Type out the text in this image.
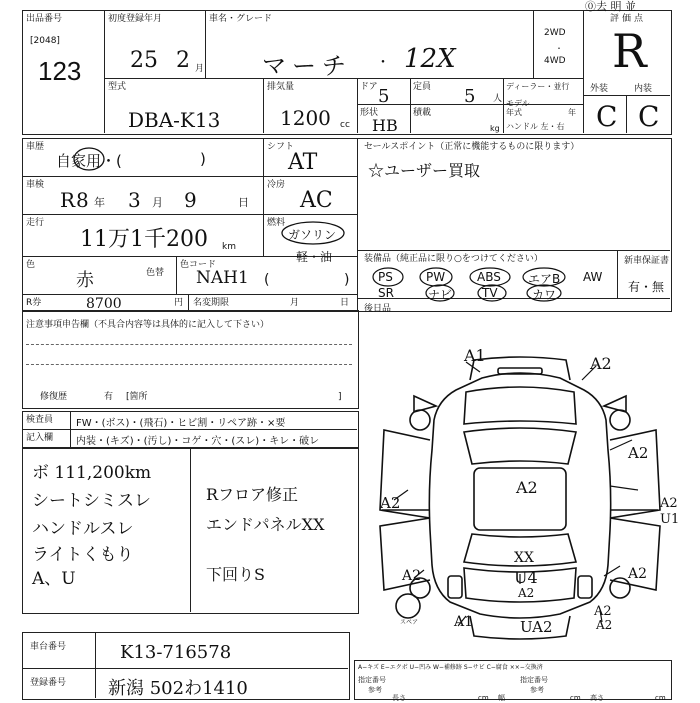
⓪去 明 並
出品番号
[2048]
123
初度登録年月
25 2 月
車名・グレード
マーチ ・ 12X
2WD
・
4WD
評価点
R
型式
DBA-K13
排気量
1200 cc
ドア 5	定員 5 人
ディーラー・並行
モデル年式	年
ハンドル 左・右
形状
HB
積載
kg
外装	内装
C C
車歴
自家用・(	)
シフト
AT
セールスポイント（正常に機能するものに限ります）
☆ユーザー買取
車検
R 8 年 3 月 9	日
冷房
AC
走行
11万1千200 km
燃料
ガソリン
軽・油
色
赤	色替
色コード
NAH1 (	)
装備品（純正品に限り○をつけてください）	新車保証書
有・無
PS	PW	ABS エアB AW
SR	ナビ TV	カワ
R券	8700	円 名変期限	月	日
後日品
注意事項申告欄（不具合内容等は具体的に記入して下さい）
修復歴	有 [箇所	]
検査員
記入欄
FW・(ボス)・(飛石)・ヒビ割・リペア跡・×要
内装・(キズ)・(汚し)・コゲ・穴・(スレ)・キレ・破レ
ボ 111,200km
シートシミスレ
ハンドルスレ
ライトくもり
A、U
Rフロア修正
エンドパネルXX
下回りS
A1	A2
A2
A2
A2
U1
A2
A2
XX
U4
A2
A2
A2
A1	UA2	A2
スペア
車台番号	K13-716578
登録番号 新潟 502わ1410
A−キズ E−エクボ U−凹み W−補修跡 S−サビ C−腐食 ××−交換済
指定番号
参考
指定番号
参考
長さ	cm 幅	cm 高さ	cm
